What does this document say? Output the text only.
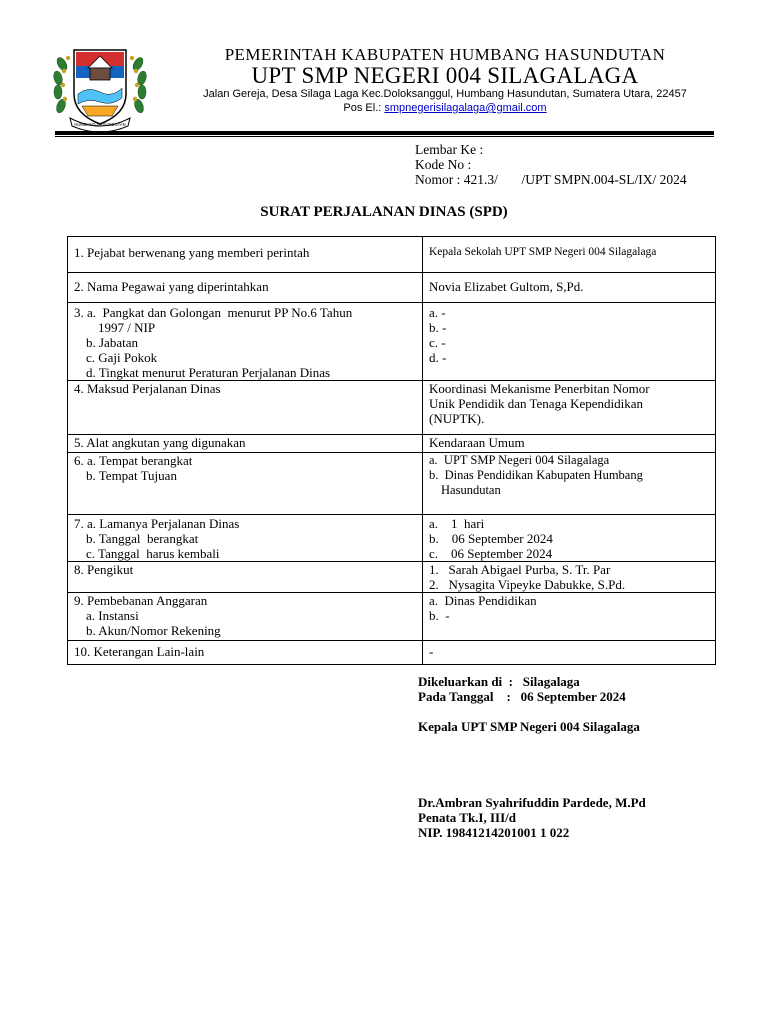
HUMBANG HASUNDUTAN
PEMERINTAH KABUPATEN HUMBANG HASUNDUTAN
UPT SMP NEGERI 004 SILAGALAGA
Jalan Gereja, Desa Silaga Laga Kec.Doloksanggul, Humbang Hasundutan, Sumatera Utara, 22457
Pos El.: smpnegerisilagalaga@gmail.com
Lembar Ke :
Kode No :
Nomor : 421.3/       /UPT SMPN.004-SL/IX/ 2024
SURAT PERJALANAN DINAS (SPD)
1. Pejabat berwenang yang memberi perintah	Kepala Sekolah UPT SMP Negeri 004 Silagalaga

2. Nama Pegawai yang diperintahkan	Novia Elizabet Gultom, S,Pd.

3. a.  Pangkat dan Golongan  menurut PP No.6 Tahun
1997 / NIP
b. Jabatan
c. Gaji Pokok
d. Tingkat menurut Peraturan Perjalanan Dinas	a. -
b. -
c. -
d. -

4. Maksud Perjalanan Dinas	Koordinasi Mekanisme Penerbitan Nomor
Unik Pendidik dan Tenaga Kependidikan
(NUPTK).

5. Alat angkutan yang digunakan	Kendaraan Umum

6. a. Tempat berangkat
b. Tempat Tujuan	a.  UPT SMP Negeri 004 Silagalaga
b.  Dinas Pendidikan Kabupaten Humbang
Hasundutan

7. a. Lamanya Perjalanan Dinas
b. Tanggal  berangkat
c. Tanggal  harus kembali	a.    1  hari
b.    06 September 2024
c.    06 September 2024

8. Pengikut	1.   Sarah Abigael Purba, S. Tr. Par
2.   Nysagita Vipeyke Dabukke, S.Pd.

9. Pembebanan Anggaran
a. Instansi
b. Akun/Nomor Rekening	a.  Dinas Pendidikan
b.  -

10. Keterangan Lain-lain	-
Dikeluarkan di  :   Silagalaga
Pada Tanggal    :   06 September 2024
Kepala UPT SMP Negeri 004 Silagalaga
Dr.Ambran Syahrifuddin Pardede, M.Pd
Penata Tk.I, III/d
NIP. 19841214201001 1 022
